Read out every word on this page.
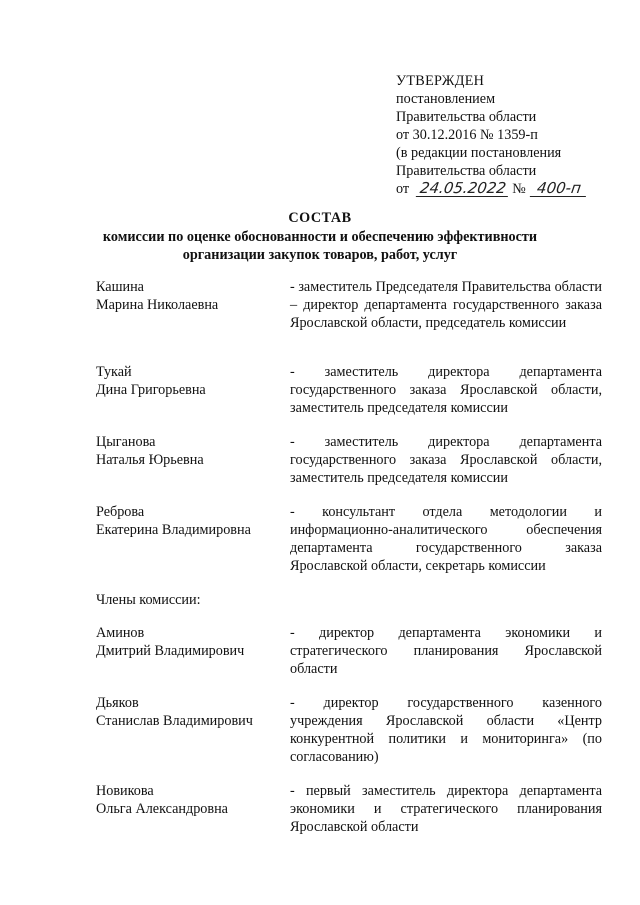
УТВЕРЖДЕН
постановлением
Правительства области
от 30.12.2016 № 1359-п
(в редакции постановления
Правительства области
от 24.05.2022 № 400-п
СОСТАВ
комиссии по оценке обоснованности и обеспечению эффективности
организации закупок товаров, работ, услуг
Кашина
Марина Николаевна
- заместитель Председателя Правительства области – директор департамента государственного заказа Ярославской области, председатель комиссии
Тукай
Дина Григорьевна
- заместитель директора департамента государственного заказа Ярославской области, заместитель председателя комиссии
Цыганова
Наталья Юрьевна
- заместитель директора департамента государственного заказа Ярославской области, заместитель председателя комиссии
Реброва
Екатерина Владимировна
- консультант отдела методологии и информационно-аналитического обеспечения департамента государственного заказа Ярославской области, секретарь комиссии
Члены комиссии:
Аминов
Дмитрий Владимирович
- директор департамента экономики и стратегического планирования Ярославской области
Дьяков
Станислав Владимирович
- директор государственного казенного учреждения Ярославской области «Центр конкурентной политики и мониторинга» (по согласованию)
Новикова
Ольга Александровна
- первый заместитель директора департамента экономики и стратегического планирования Ярославской области
